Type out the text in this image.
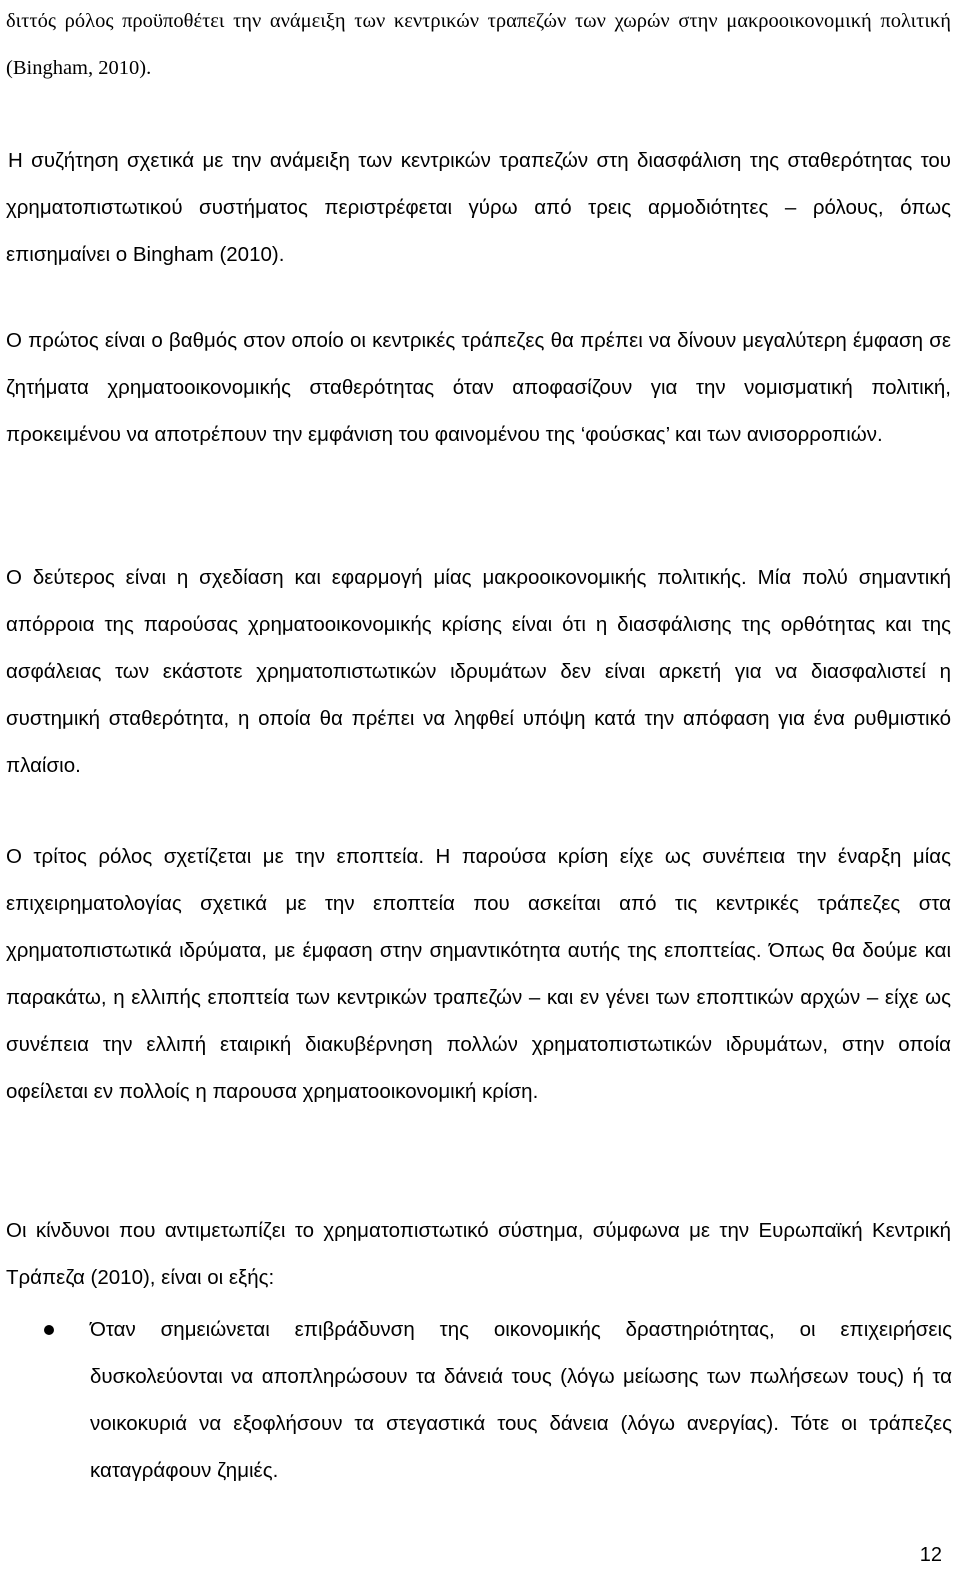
διττός ρόλος προϋποθέτει την ανάμειξη των κεντρικών τραπεζών των χωρών στην μακροοικονομική πολιτική (Bingham, 2010).

Η συζήτηση σχετικά με την ανάμειξη των κεντρικών τραπεζών στη διασφάλιση της σταθερότητας του χρηματοπιστωτικού συστήματος περιστρέφεται γύρω από τρεις αρμοδιότητες – ρόλους, όπως επισημαίνει ο Bingham (2010).

Ο πρώτος είναι ο βαθμός στον οποίο οι κεντρικές τράπεζες θα πρέπει να δίνουν μεγαλύτερη έμφαση σε ζητήματα χρηματοοικονομικής σταθερότητας όταν αποφασίζουν για την νομισματική πολιτική, προκειμένου να αποτρέπουν την εμφάνιση του φαινομένου της ‘φούσκας’ και των ανισορροπιών.

Ο δεύτερος είναι η σχεδίαση και εφαρμογή μίας μακροοικονομικής πολιτικής. Μία πολύ σημαντική απόρροια της παρούσας χρηματοοικονομικής κρίσης είναι ότι η διασφάλισης της ορθότητας και της ασφάλειας των εκάστοτε χρηματοπιστωτικών ιδρυμάτων δεν είναι αρκετή για να διασφαλιστεί η συστημική σταθερότητα, η οποία θα πρέπει να ληφθεί υπόψη κατά την απόφαση για ένα ρυθμιστικό πλαίσιο.

Ο τρίτος ρόλος σχετίζεται με την εποπτεία. Η παρούσα κρίση είχε ως συνέπεια την έναρξη μίας επιχειρηματολογίας σχετικά με την εποπτεία που ασκείται από τις κεντρικές τράπεζες στα χρηματοπιστωτικά ιδρύματα, με έμφαση στην σημαντικότητα αυτής της εποπτείας. Όπως θα δούμε και παρακάτω, η ελλιπής εποπτεία των κεντρικών τραπεζών – και εν γένει των εποπτικών αρχών – είχε ως συνέπεια την ελλιπή εταιρική διακυβέρνηση πολλών χρηματοπιστωτικών ιδρυμάτων, στην οποία οφείλεται εν πολλοίς η παρουσα χρηματοοικονομική κρίση.

Οι κίνδυνοι που αντιμετωπίζει το χρηματοπιστωτικό σύστημα, σύμφωνα με την Ευρωπαϊκή Κεντρική Τράπεζα (2010), είναι οι εξής:

Όταν σημειώνεται επιβράδυνση της οικονομικής δραστηριότητας, οι επιχειρήσεις δυσκολεύονται να αποπληρώσουν τα δάνειά τους (λόγω μείωσης των πωλήσεων τους) ή τα νοικοκυριά να εξοφλήσουν τα στεγαστικά τους δάνεια (λόγω ανεργίας). Τότε οι τράπεζες καταγράφουν ζημιές.

12
